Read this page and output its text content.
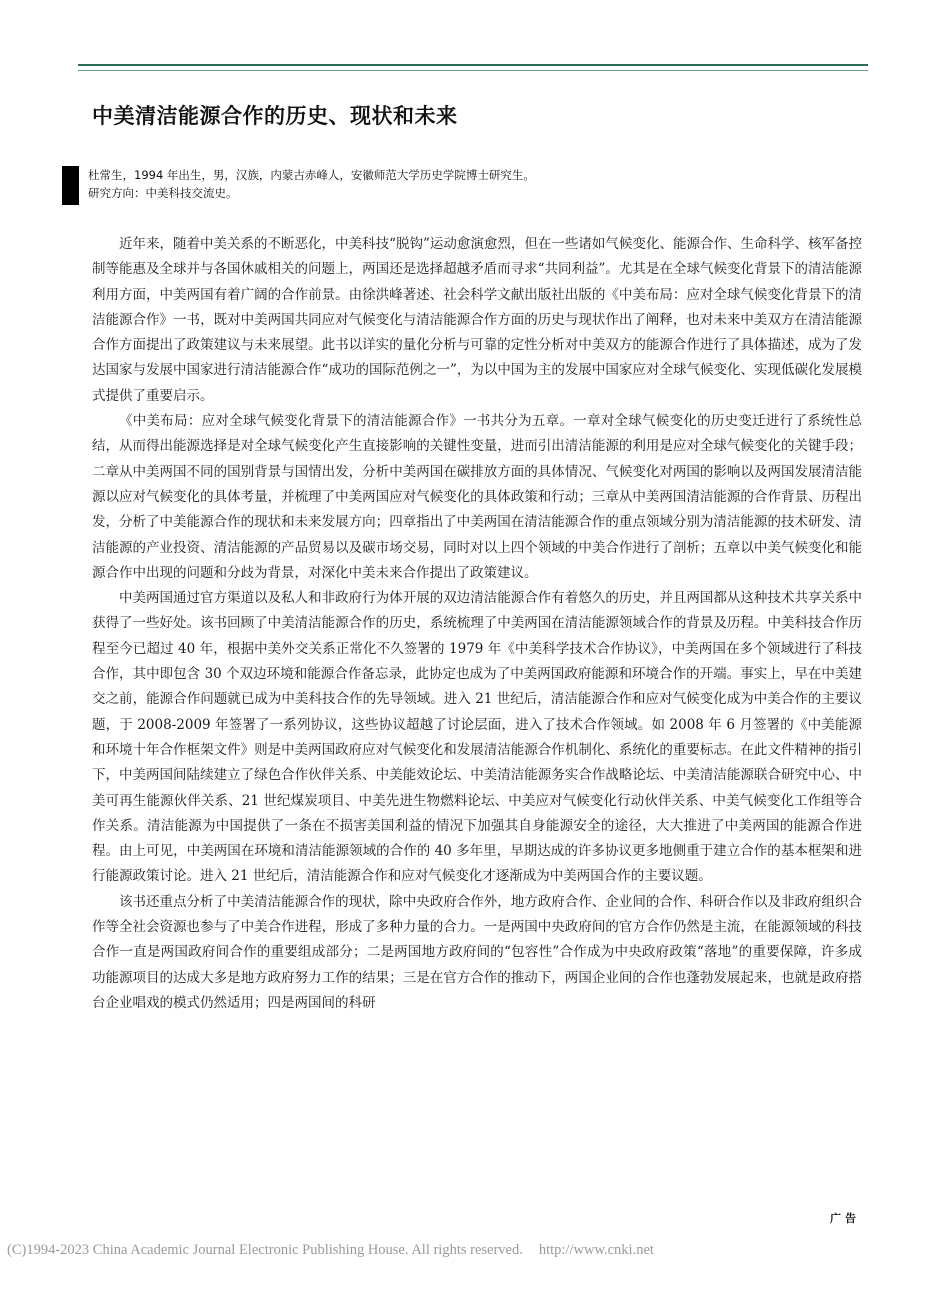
中美清洁能源合作的历史、现状和未来
杜常生，1994 年出生，男，汉族，内蒙古赤峰人，安徽师范大学历史学院博士研究生。
研究方向：中美科技交流史。

近年来，随着中美关系的不断恶化，中美科技“脱钩”运动愈演愈烈，但在一些诸如气候变化、能源合作、生命科学、核军备控制等能惠及全球并与各国休戚相关的问题上，两国还是选择超越矛盾而寻求“共同利益”。尤其是在全球气候变化背景下的清洁能源利用方面，中美两国有着广阔的合作前景。由徐洪峰著述、社会科学文献出版社出版的《中美布局：应对全球气候变化背景下的清洁能源合作》一书，既对中美两国共同应对气候变化与清洁能源合作方面的历史与现状作出了阐释，也对未来中美双方在清洁能源合作方面提出了政策建议与未来展望。此书以详实的量化分析与可靠的定性分析对中美双方的能源合作进行了具体描述，成为了发达国家与发展中国家进行清洁能源合作“成功的国际范例之一”，为以中国为主的发展中国家应对全球气候变化、实现低碳化发展模式提供了重要启示。

《中美布局：应对全球气候变化背景下的清洁能源合作》一书共分为五章。一章对全球气候变化的历史变迁进行了系统性总结，从而得出能源选择是对全球气候变化产生直接影响的关键性变量，进而引出清洁能源的利用是应对全球气候变化的关键手段；二章从中美两国不同的国别背景与国情出发，分析中美两国在碳排放方面的具体情况、气候变化对两国的影响以及两国发展清洁能源以应对气候变化的具体考量，并梳理了中美两国应对气候变化的具体政策和行动；三章从中美两国清洁能源的合作背景、历程出发，分析了中美能源合作的现状和未来发展方向；四章指出了中美两国在清洁能源合作的重点领域分别为清洁能源的技术研发、清洁能源的产业投资、清洁能源的产品贸易以及碳市场交易，同时对以上四个领域的中美合作进行了剖析；五章以中美气候变化和能源合作中出现的问题和分歧为背景，对深化中美未来合作提出了政策建议。

中美两国通过官方渠道以及私人和非政府行为体开展的双边清洁能源合作有着悠久的历史，并且两国都从这种技术共享关系中获得了一些好处。该书回顾了中美清洁能源合作的历史，系统梳理了中美两国在清洁能源领域合作的背景及历程。中美科技合作历程至今已超过 40 年，根据中美外交关系正常化不久签署的 1979 年《中美科学技术合作协议》，中美两国在多个领域进行了科技合作，其中即包含 30 个双边环境和能源合作备忘录，此协定也成为了中美两国政府能源和环境合作的开端。事实上，早在中美建交之前，能源合作问题就已成为中美科技合作的先导领域。进入 21 世纪后，清洁能源合作和应对气候变化成为中美合作的主要议题，于 2008-2009 年签署了一系列协议，这些协议超越了讨论层面，进入了技术合作领域。如 2008 年 6 月签署的《中美能源和环境十年合作框架文件》则是中美两国政府应对气候变化和发展清洁能源合作机制化、系统化的重要标志。在此文件精神的指引下，中美两国间陆续建立了绿色合作伙伴关系、中美能效论坛、中美清洁能源务实合作战略论坛、中美清洁能源联合研究中心、中美可再生能源伙伴关系、21 世纪煤炭项目、中美先进生物燃料论坛、中美应对气候变化行动伙伴关系、中美气候变化工作组等合作关系。清洁能源为中国提供了一条在不损害美国利益的情况下加强其自身能源安全的途径，大大推进了中美两国的能源合作进程。由上可见，中美两国在环境和清洁能源领域的合作的 40 多年里，早期达成的许多协议更多地侧重于建立合作的基本框架和进行能源政策讨论。进入 21 世纪后，清洁能源合作和应对气候变化才逐渐成为中美两国合作的主要议题。

该书还重点分析了中美清洁能源合作的现状，除中央政府合作外，地方政府合作、企业间的合作、科研合作以及非政府组织合作等全社会资源也参与了中美合作进程，形成了多种力量的合力。一是两国中央政府间的官方合作仍然是主流，在能源领域的科技合作一直是两国政府间合作的重要组成部分；二是两国地方政府间的“包容性”合作成为中央政府政策“落地”的重要保障，许多成功能源项目的达成大多是地方政府努力工作的结果；三是在官方合作的推动下，两国企业间的合作也蓬勃发展起来，也就是政府搭台企业唱戏的模式仍然适用；四是两国间的科研

广告
(C)1994-2023 China Academic Journal Electronic Publishing House. All rights reserved. http://www.cnki.net
